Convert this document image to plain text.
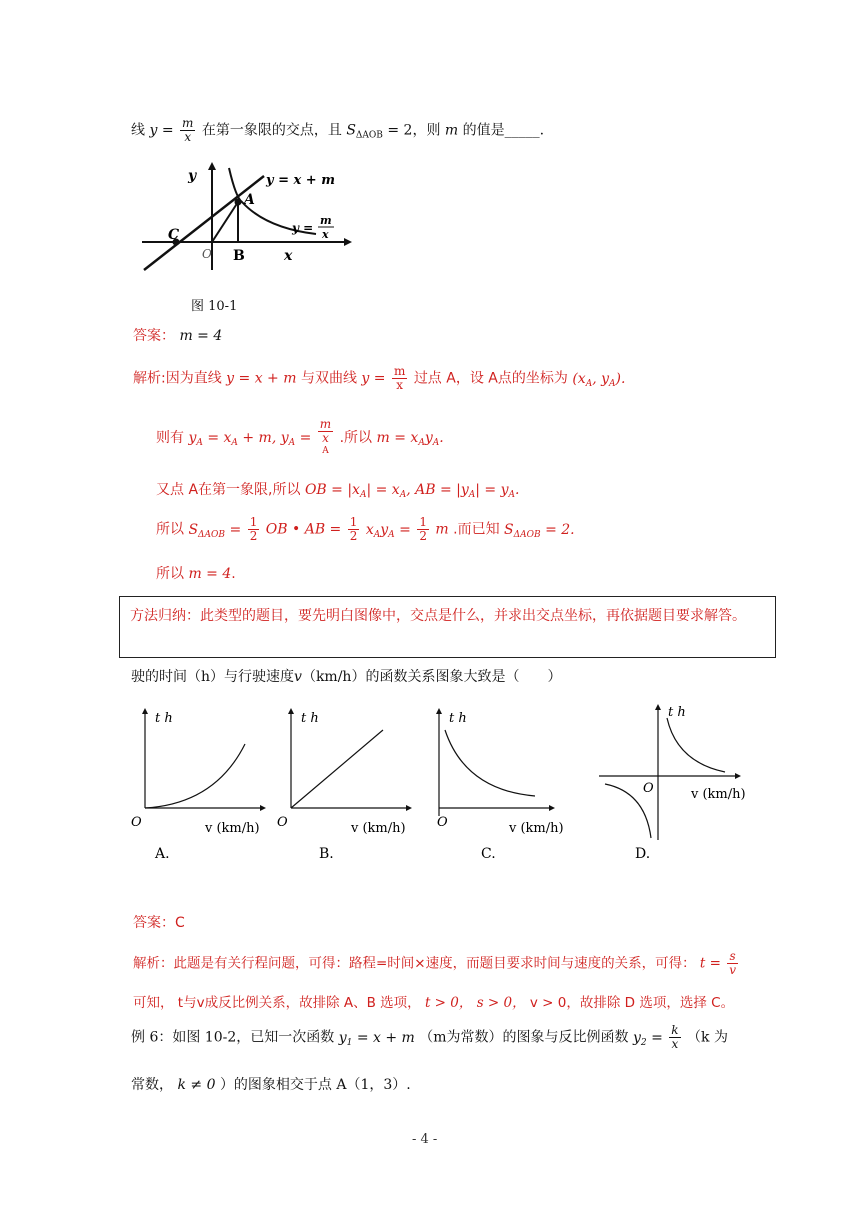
线 $y = \frac{m}{x}$ 在第一象限的交点，且 $S_{\Delta AOB} = 2$，则 m 的值是_____.
y	y = x + m
A
y =
m
x
C
O B	x
图 10-1
答案： m = 4
解析:因为直线 y = x + m 与双曲线 $y = \frac{m}{x}$ 过点 A，设 A点的坐标为 ($x_A$, $y_A$).
则有 $y_A = x_A + m$, $y_A = m$
x
A .所以 $m = x_Ay_A$.
又点 A在第一象限,所以 OB = $|x_A| = x_A$, AB = $|y_A| = y_A$.
所以 $S_{\Delta AOB} = \frac{1}{2}$ OB • AB = $\frac{1}{2} x_Ay_A = \frac{1}{2}$ m .而已知 $S_{\Delta AOB} = 2$.
所以 m = 4.
方法归纳：此类型的题目，要先明白图像中，交点是什么，并求出交点坐标，再依据题目要求解答。
驶的时间（h）与行驶速度v（km/h）的函数关系图象大致是（　　）
t h
O	v (km/h)
A.
t h
O	v (km/h)
B.
t h
O	v (km/h)
C.
t h
O	v (km/h)
D.
答案：C
解析：此题是有关行程问题，可得：路程=时间×速度，而题目要求时间与速度的关系，可得： $t = \frac{s}{v}$
可知， t与v成反比例关系，故排除 A、B 选项， t > 0， s > 0， v > 0，故排除 D 选项，选择 C。
例 6：如图 10-2，已知一次函数 $y_1 = x + m$ （m为常数）的图象与反比例函数 $y_2 = \frac{k}{x} (k$ 为
常数， k ≠ 0 ）的图象相交于点 A（1，3）.
- 4 -
